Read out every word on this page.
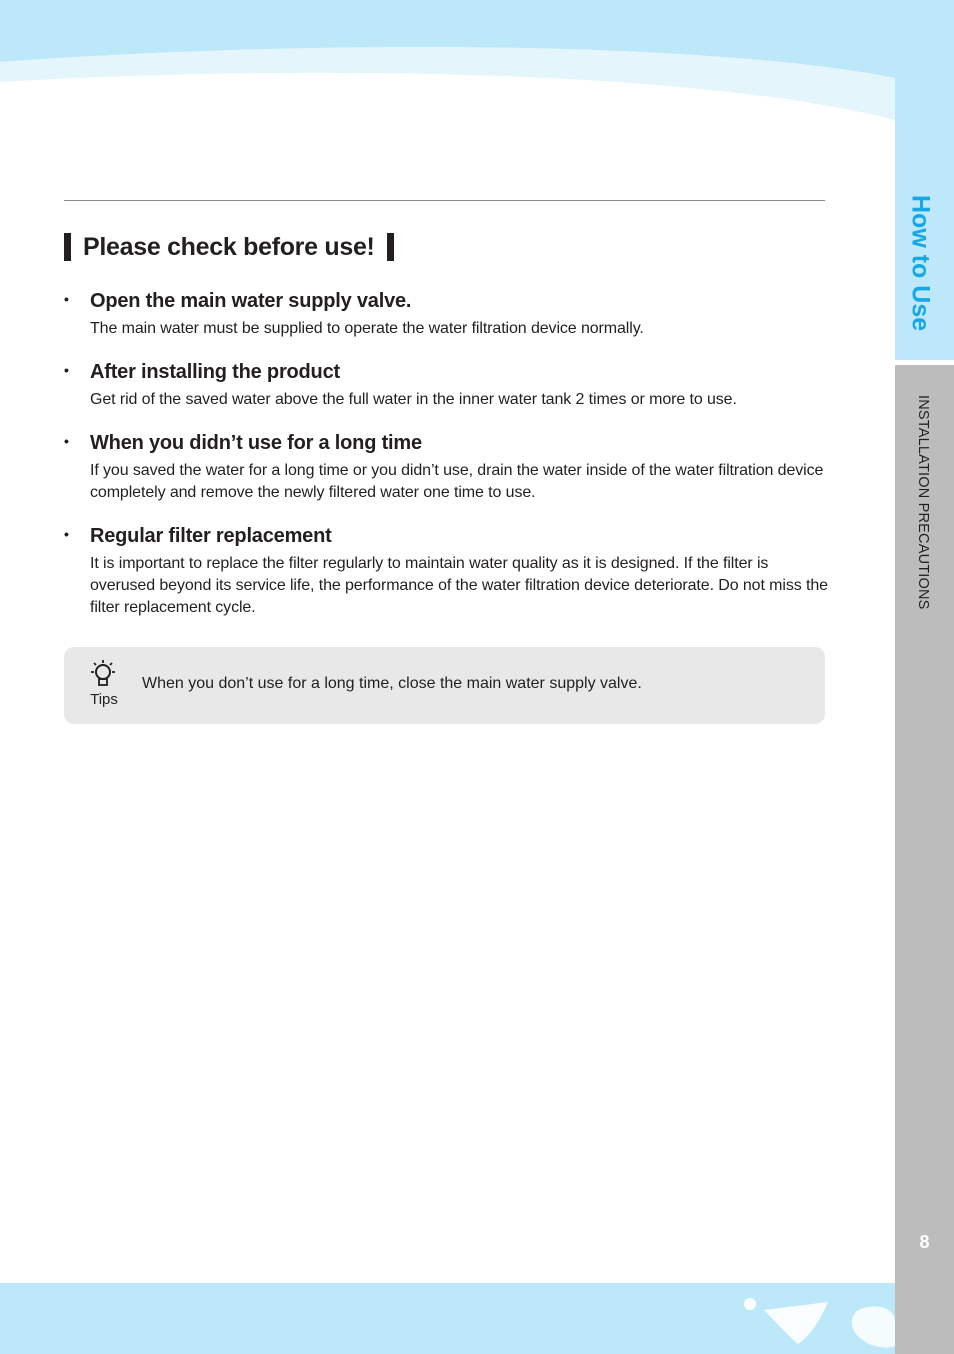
How to Use
INSTALLATION PRECAUTIONS
8
Please check before use!
• Open the main water supply valve.
The main water must be supplied to operate the water filtration device normally.
• After installing the product
Get rid of the saved water above the full water in the inner water tank 2 times or more to use.
• When you didn’t use for a long time
If you saved the water for a long time or you didn’t use, drain the water inside of the water filtration device completely and remove the newly filtered water one time to use.
• Regular filter replacement
It is important to replace the filter regularly to maintain water quality as it is designed. If the filter is overused beyond its service life, the performance of the water filtration device deteriorate. Do not miss the filter replacement cycle.
Tips
When you don’t use for a long time, close the main water supply valve.
